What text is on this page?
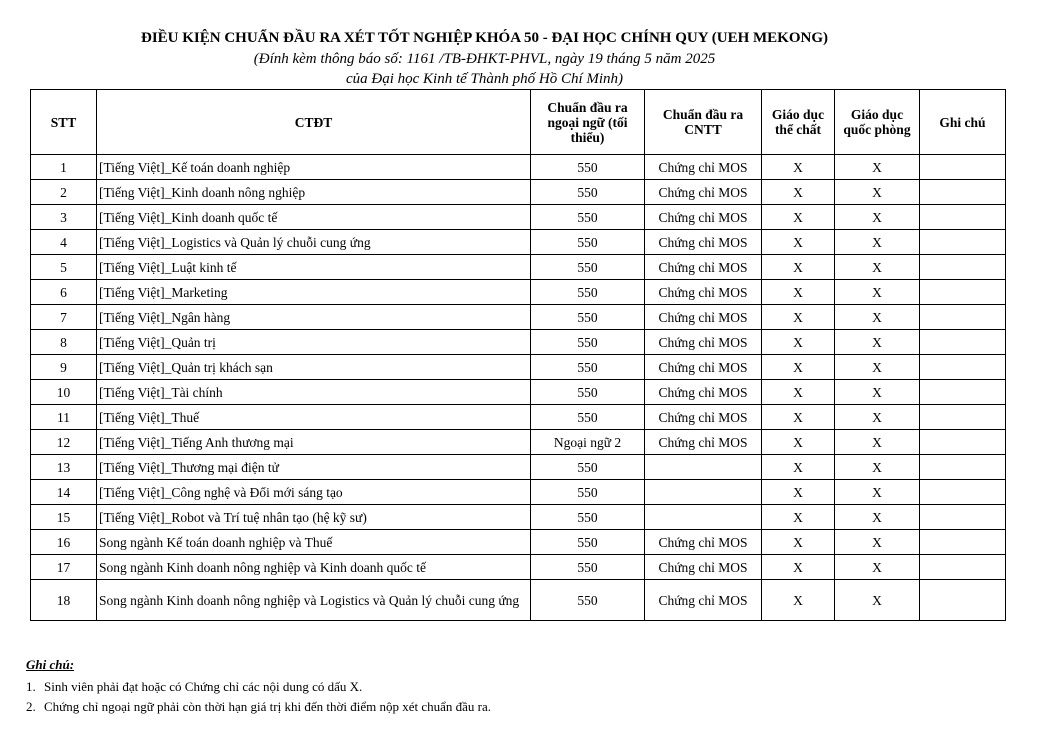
ĐIỀU KIỆN CHUẨN ĐẦU RA XÉT TỐT NGHIỆP KHÓA 50 - ĐẠI HỌC CHÍNH QUY (UEH MEKONG)
(Đính kèm thông báo số: 1161 /TB-ĐHKT-PHVL, ngày 19 tháng 5 năm 2025
của Đại học Kinh tế Thành phố Hồ Chí Minh)
STT	CTĐT	Chuẩn đầu ra ngoại ngữ (tối thiểu)	Chuẩn đầu ra CNTT	Giáo dục thể chất	Giáo dục quốc phòng	Ghi chú
1	[Tiếng Việt]_Kế toán doanh nghiệp	550	Chứng chỉ MOS	X	X	
2	[Tiếng Việt]_Kinh doanh nông nghiệp	550	Chứng chỉ MOS	X	X	
3	[Tiếng Việt]_Kinh doanh quốc tế	550	Chứng chỉ MOS	X	X	
4	[Tiếng Việt]_Logistics và Quản lý chuỗi cung ứng	550	Chứng chỉ MOS	X	X	
5	[Tiếng Việt]_Luật kinh tế	550	Chứng chỉ MOS	X	X	
6	[Tiếng Việt]_Marketing	550	Chứng chỉ MOS	X	X	
7	[Tiếng Việt]_Ngân hàng	550	Chứng chỉ MOS	X	X	
8	[Tiếng Việt]_Quản trị	550	Chứng chỉ MOS	X	X	
9	[Tiếng Việt]_Quản trị khách sạn	550	Chứng chỉ MOS	X	X	
10	[Tiếng Việt]_Tài chính	550	Chứng chỉ MOS	X	X	
11	[Tiếng Việt]_Thuế	550	Chứng chỉ MOS	X	X	
12	[Tiếng Việt]_Tiếng Anh thương mại	Ngoại ngữ 2	Chứng chỉ MOS	X	X	
13	[Tiếng Việt]_Thương mại điện tử	550		X	X	
14	[Tiếng Việt]_Công nghệ và Đổi mới sáng tạo	550		X	X	
15	[Tiếng Việt]_Robot và Trí tuệ nhân tạo (hệ kỹ sư)	550		X	X	
16	Song ngành Kế toán doanh nghiệp và Thuế	550	Chứng chỉ MOS	X	X	
17	Song ngành Kinh doanh nông nghiệp và Kinh doanh quốc tế	550	Chứng chỉ MOS	X	X	
18	Song ngành Kinh doanh nông nghiệp và Logistics và Quản lý chuỗi cung ứng	550	Chứng chỉ MOS	X	X	
Ghi chú:
1. Sinh viên phải đạt hoặc có Chứng chỉ các nội dung có dấu X.
2. Chứng chỉ ngoại ngữ phải còn thời hạn giá trị khi đến thời điểm nộp xét chuẩn đầu ra.
